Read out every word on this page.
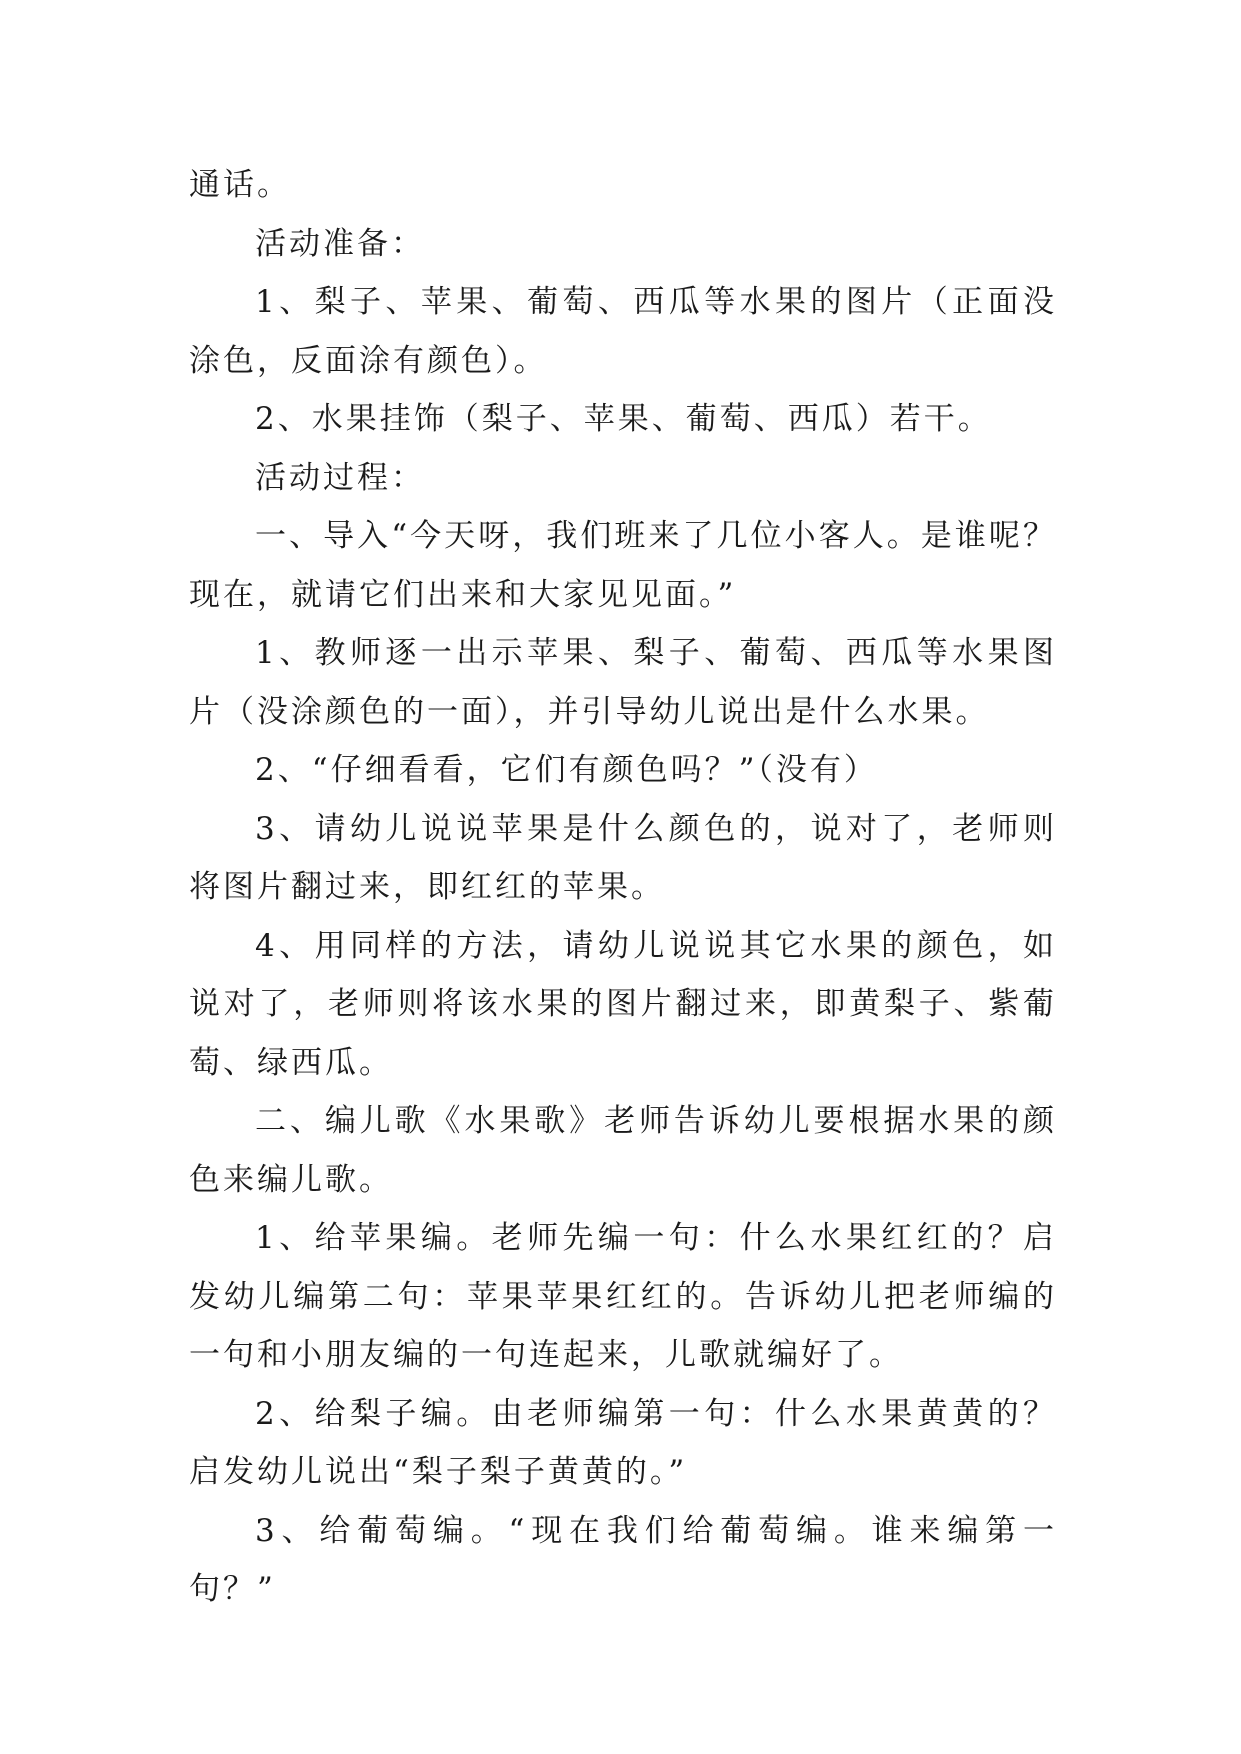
通话。

活动准备：

1、梨子、苹果、葡萄、西瓜等水果的图片（正面没涂色，反面涂有颜色）。

2、水果挂饰（梨子、苹果、葡萄、西瓜）若干。

活动过程：

一、导入“今天呀，我们班来了几位小客人。是谁呢？现在，就请它们出来和大家见见面。”

1、教师逐一出示苹果、梨子、葡萄、西瓜等水果图片（没涂颜色的一面），并引导幼儿说出是什么水果。

2、“仔细看看，它们有颜色吗？”（没有）

3、请幼儿说说苹果是什么颜色的，说对了，老师则将图片翻过来，即红红的苹果。

4、用同样的方法，请幼儿说说其它水果的颜色，如说对了，老师则将该水果的图片翻过来，即黄梨子、紫葡萄、绿西瓜。

二、编儿歌《水果歌》老师告诉幼儿要根据水果的颜色来编儿歌。

1、给苹果编。老师先编一句：什么水果红红的？启发幼儿编第二句：苹果苹果红红的。告诉幼儿把老师编的一句和小朋友编的一句连起来，儿歌就编好了。

2、给梨子编。由老师编第一句：什么水果黄黄的？启发幼儿说出“梨子梨子黄黄的。”

3、给葡萄编。“现在我们给葡萄编。谁来编第一句？”
